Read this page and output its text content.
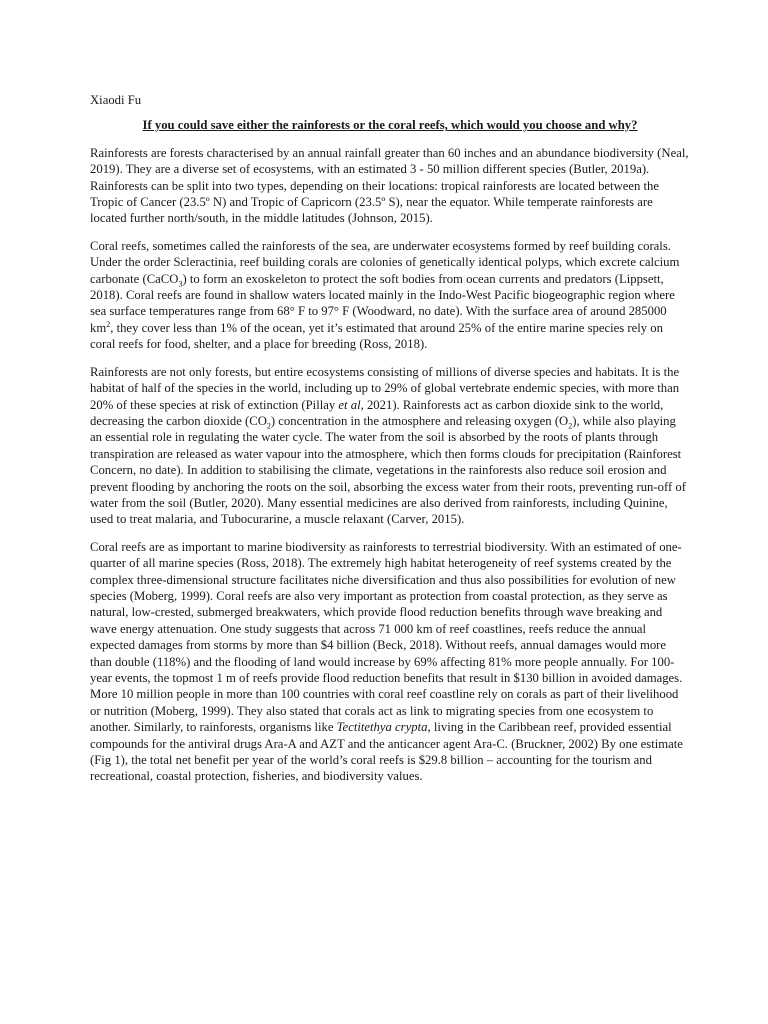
Xiaodi Fu
If you could save either the rainforests or the coral reefs, which would you choose and why?

Rainforests are forests characterised by an annual rainfall greater than 60 inches and an abundance biodiversity (Neal, 2019). They are a diverse set of ecosystems, with an estimated 3 - 50 million different species (Butler, 2019a). Rainforests can be split into two types, depending on their locations: tropical rainforests are located between the Tropic of Cancer (23.5º N) and Tropic of Capricorn (23.5º S), near the equator. While temperate rainforests are located further north/south, in the middle latitudes (Johnson, 2015).

Coral reefs, sometimes called the rainforests of the sea, are underwater ecosystems formed by reef building corals. Under the order Scleractinia, reef building corals are colonies of genetically identical polyps, which excrete calcium carbonate (CaCO$_3$) to form an exoskeleton to protect the soft bodies from ocean currents and predators (Lippsett, 2018). Coral reefs are found in shallow waters located mainly in the Indo-West Pacific biogeographic region where sea surface temperatures range from 68° F to 97° F (Woodward, no date). With the surface area of around 285000 $km^2$, they cover less than 1% of the ocean, yet it’s estimated that around 25% of the entire marine species rely on coral reefs for food, shelter, and a place for breeding (Ross, 2018).

Rainforests are not only forests, but entire ecosystems consisting of millions of diverse species and habitats. It is the habitat of half of the species in the world, including up to 29% of global vertebrate endemic species, with more than 20% of these species at risk of extinction (Pillay et al, 2021). Rainforests act as carbon dioxide sink to the world, decreasing the carbon dioxide $(CO_2)$ concentration in the atmosphere and releasing oxygen $(O_2)$, while also playing an essential role in regulating the water cycle. The water from the soil is absorbed by the roots of plants through transpiration are released as water vapour into the atmosphere, which then forms clouds for precipitation (Rainforest Concern, no date). In addition to stabilising the climate, vegetations in the rainforests also reduce soil erosion and prevent flooding by anchoring the roots on the soil, absorbing the excess water from their roots, preventing run-off of water from the soil (Butler, 2020). Many essential medicines are also derived from rainforests, including Quinine, used to treat malaria, and Tubocurarine, a muscle relaxant (Carver, 2015).

Coral reefs are as important to marine biodiversity as rainforests to terrestrial biodiversity. With an estimated of one-quarter of all marine species (Ross, 2018). The extremely high habitat heterogeneity of reef systems created by the complex three-dimensional structure facilitates niche diversification and thus also possibilities for evolution of new species (Moberg, 1999). Coral reefs are also very important as protection from coastal protection, as they serve as natural, low-crested, submerged breakwaters, which provide flood reduction benefits through wave breaking and wave energy attenuation. One study suggests that across 71 000 km of reef coastlines, reefs reduce the annual expected damages from storms by more than $4 billion (Beck, 2018). Without reefs, annual damages would more than double (118%) and the flooding of land would increase by 69% affecting 81% more people annually. For 100-year events, the topmost 1 m of reefs provide flood reduction benefits that result in $130 billion in avoided damages. More 10 million people in more than 100 countries with coral reef coastline rely on corals as part of their livelihood or nutrition (Moberg, 1999). They also stated that corals act as link to migrating species from one ecosystem to another. Similarly, to rainforests, organisms like Tectitethya crypta, living in the Caribbean reef, provided essential compounds for the antiviral drugs Ara-A and AZT and the anticancer agent Ara-C. (Bruckner, 2002) By one estimate (Fig 1), the total net benefit per year of the world’s coral reefs is $29.8 billion – accounting for the tourism and recreational, coastal protection, fisheries, and biodiversity values.
